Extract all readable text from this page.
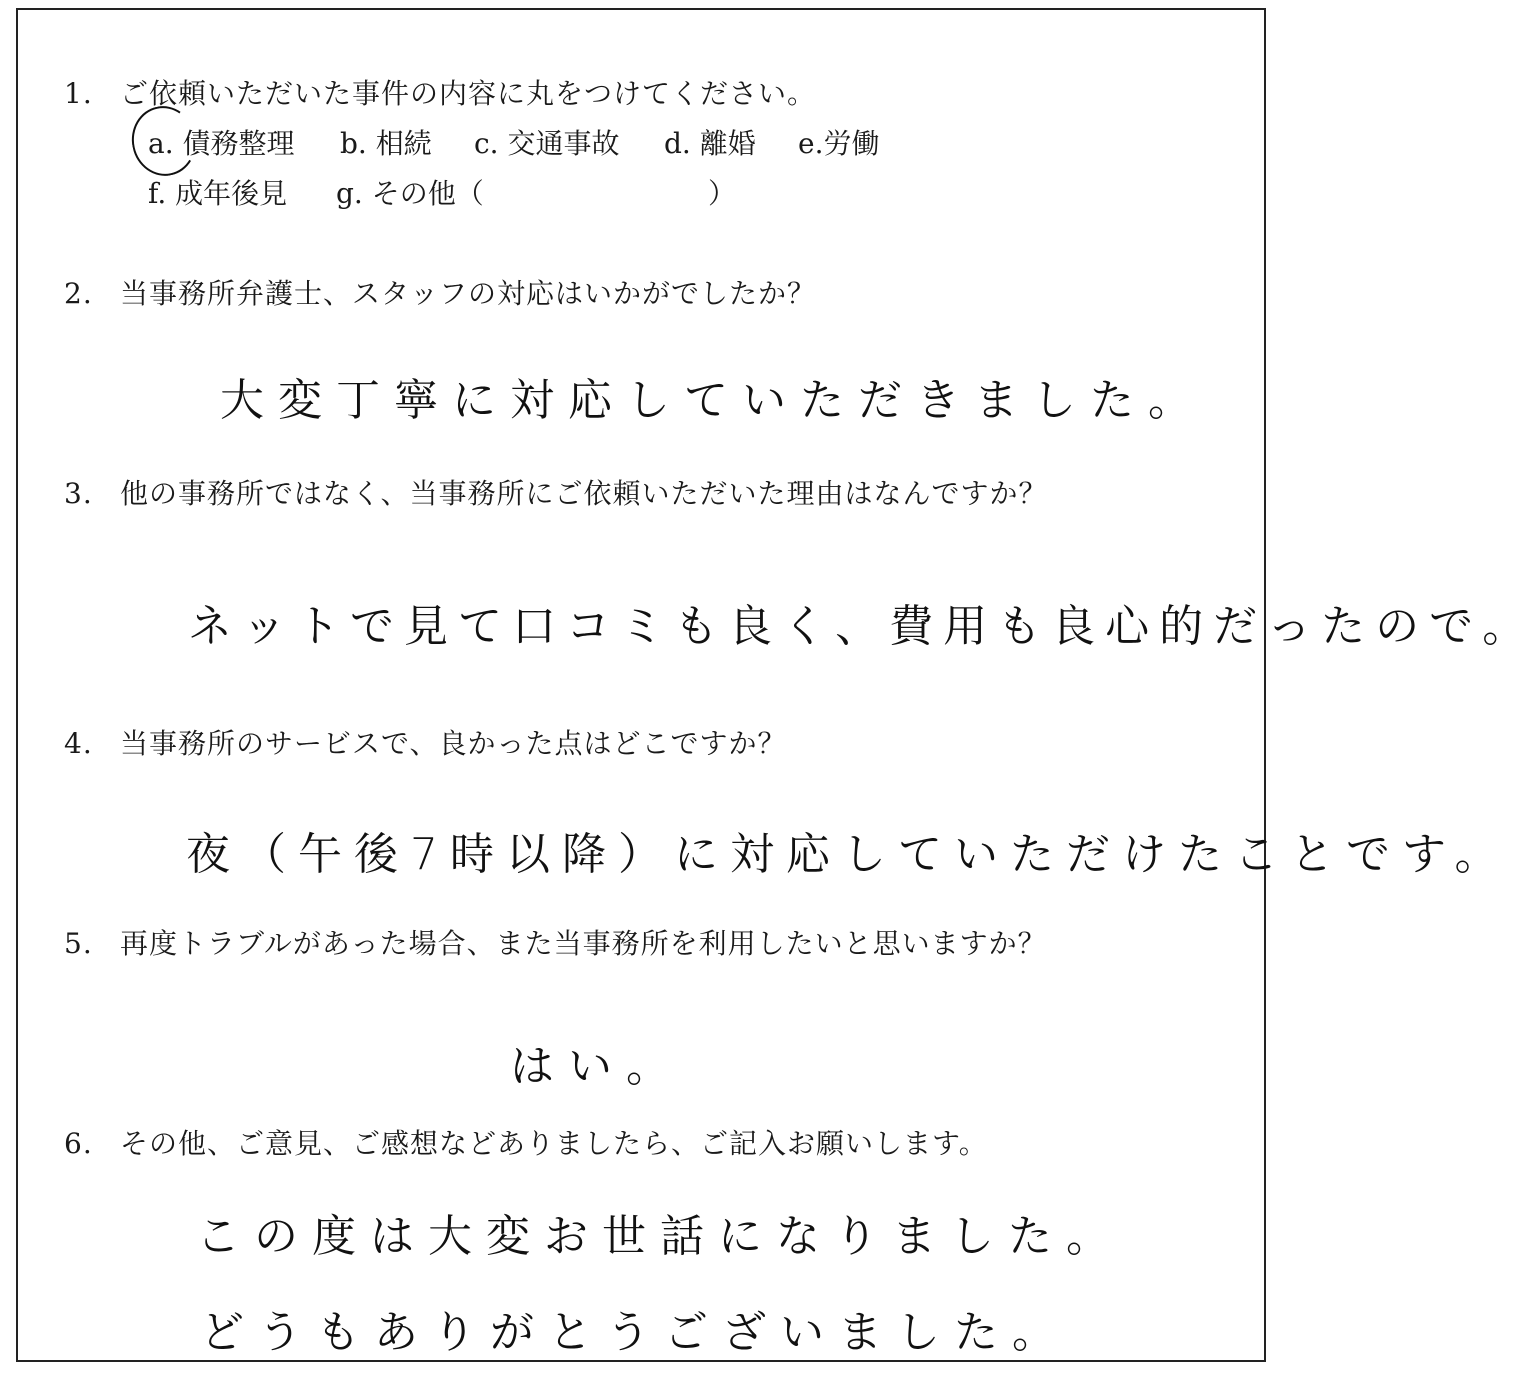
1. ご依頼いただいた事件の内容に丸をつけてください。
a. 債務整理 b. 相続 c. 交通事故 d. 離婚 e.労働
f. 成年後見 g. その他（	）
2. 当事務所弁護士、スタッフの対応はいかがでしたか？
大変丁寧に対応していただきました。
3. 他の事務所ではなく、当事務所にご依頼いただいた理由はなんですか？
ネットで見て口コミも良く、費用も良心的だったので。
4. 当事務所のサービスで、良かった点はどこですか？
夜（午後7時以降）に対応していただけたことです。
5. 再度トラブルがあった場合、また当事務所を利用したいと思いますか？
はい。
6. その他、ご意見、ご感想などありましたら、ご記入お願いします。
この度は大変お世話になりました。
どうもありがとうございました。
